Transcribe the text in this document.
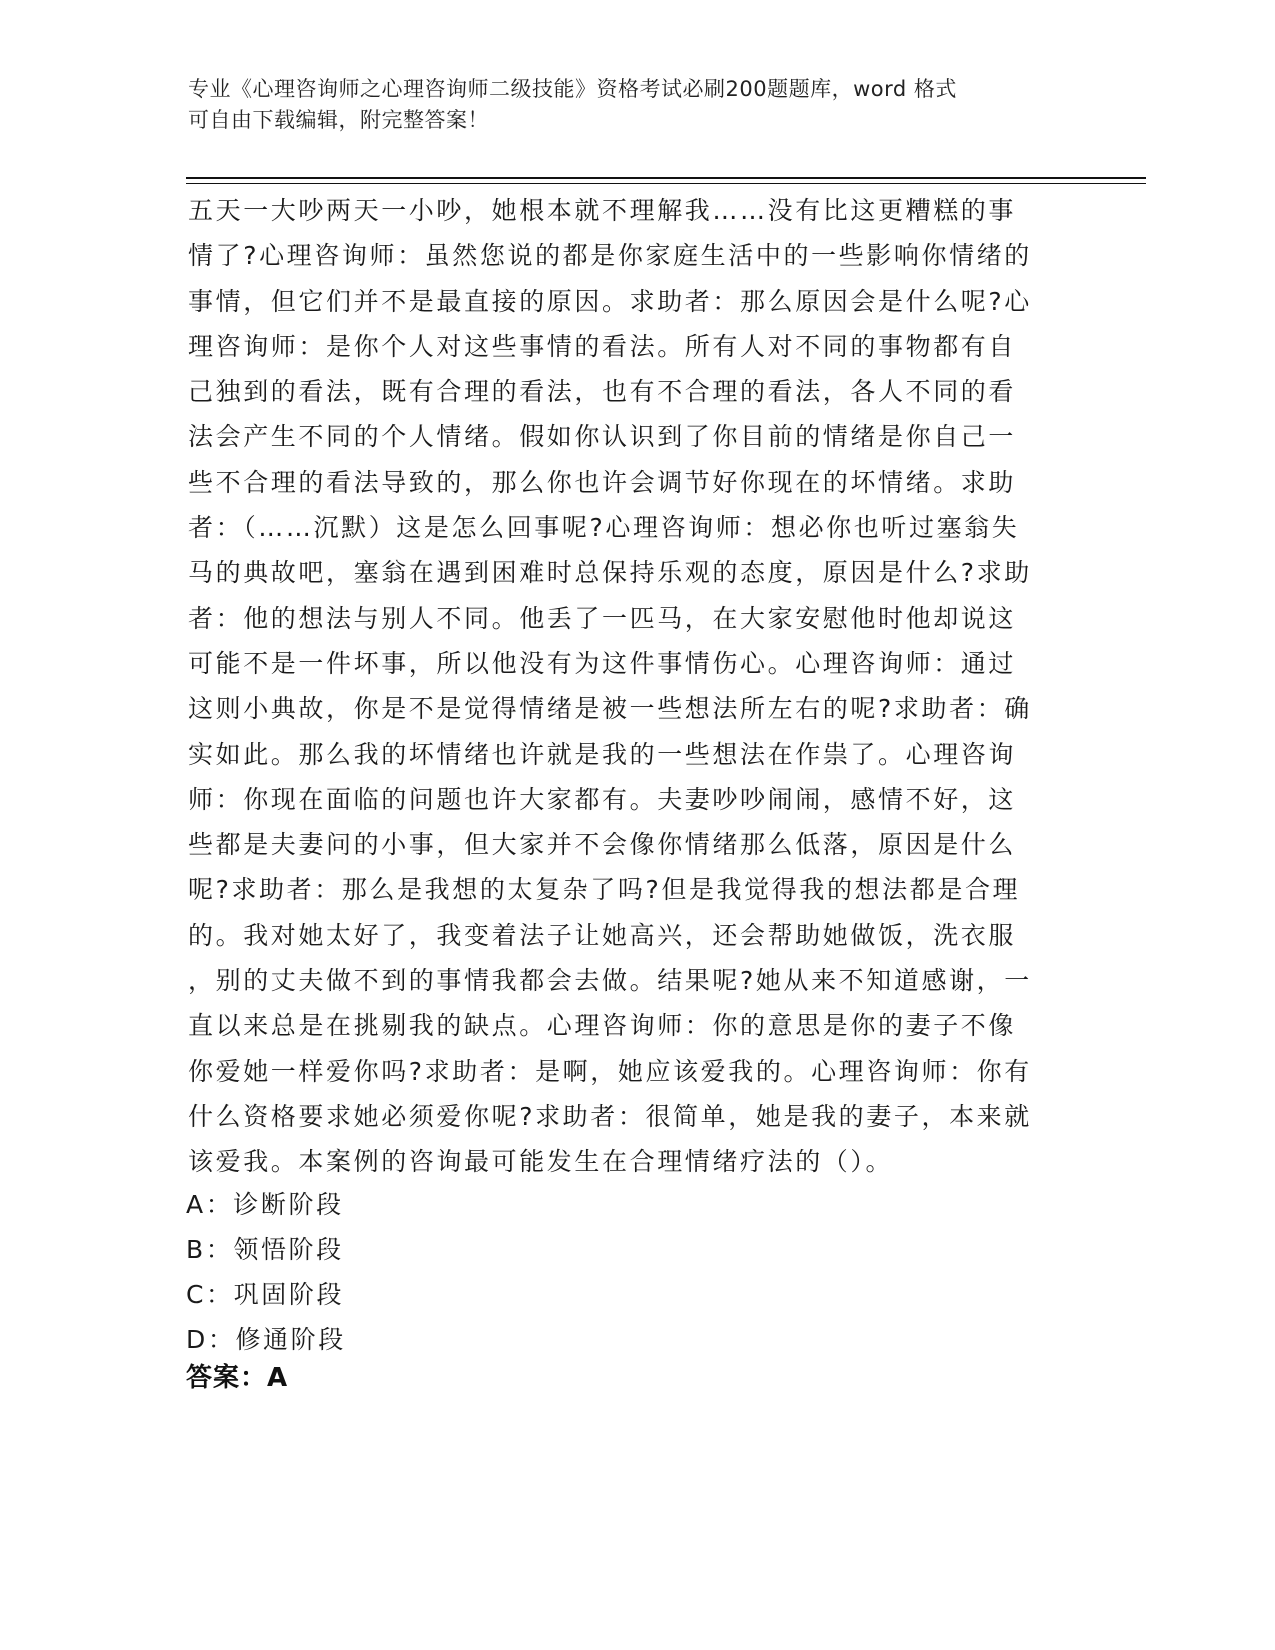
专业《心理咨询师之心理咨询师二级技能》资格考试必刷200题题库，word 格式
可自由下载编辑，附完整答案！
五天一大吵两天一小吵，她根本就不理解我……没有比这更糟糕的事
情了?心理咨询师：虽然您说的都是你家庭生活中的一些影响你情绪的
事情，但它们并不是最直接的原因。求助者：那么原因会是什么呢?心
理咨询师：是你个人对这些事情的看法。所有人对不同的事物都有自
己独到的看法，既有合理的看法，也有不合理的看法，各人不同的看
法会产生不同的个人情绪。假如你认识到了你目前的情绪是你自己一
些不合理的看法导致的，那么你也许会调节好你现在的坏情绪。求助
者：（……沉默）这是怎么回事呢?心理咨询师：想必你也听过塞翁失
马的典故吧，塞翁在遇到困难时总保持乐观的态度，原因是什么?求助
者：他的想法与别人不同。他丢了一匹马，在大家安慰他时他却说这
可能不是一件坏事，所以他没有为这件事情伤心。心理咨询师：通过
这则小典故，你是不是觉得情绪是被一些想法所左右的呢?求助者：确
实如此。那么我的坏情绪也许就是我的一些想法在作祟了。心理咨询
师：你现在面临的问题也许大家都有。夫妻吵吵闹闹，感情不好，这
些都是夫妻问的小事，但大家并不会像你情绪那么低落，原因是什么
呢?求助者：那么是我想的太复杂了吗?但是我觉得我的想法都是合理
的。我对她太好了，我变着法子让她高兴，还会帮助她做饭，洗衣服
，别的丈夫做不到的事情我都会去做。结果呢?她从来不知道感谢，一
直以来总是在挑剔我的缺点。心理咨询师：你的意思是你的妻子不像
你爱她一样爱你吗?求助者：是啊，她应该爱我的。心理咨询师：你有
什么资格要求她必须爱你呢?求助者：很简单，她是我的妻子，本来就
该爱我。本案例的咨询最可能发生在合理情绪疗法的（）。
A：诊断阶段
B：领悟阶段
C：巩固阶段
D：修通阶段
答案：A
